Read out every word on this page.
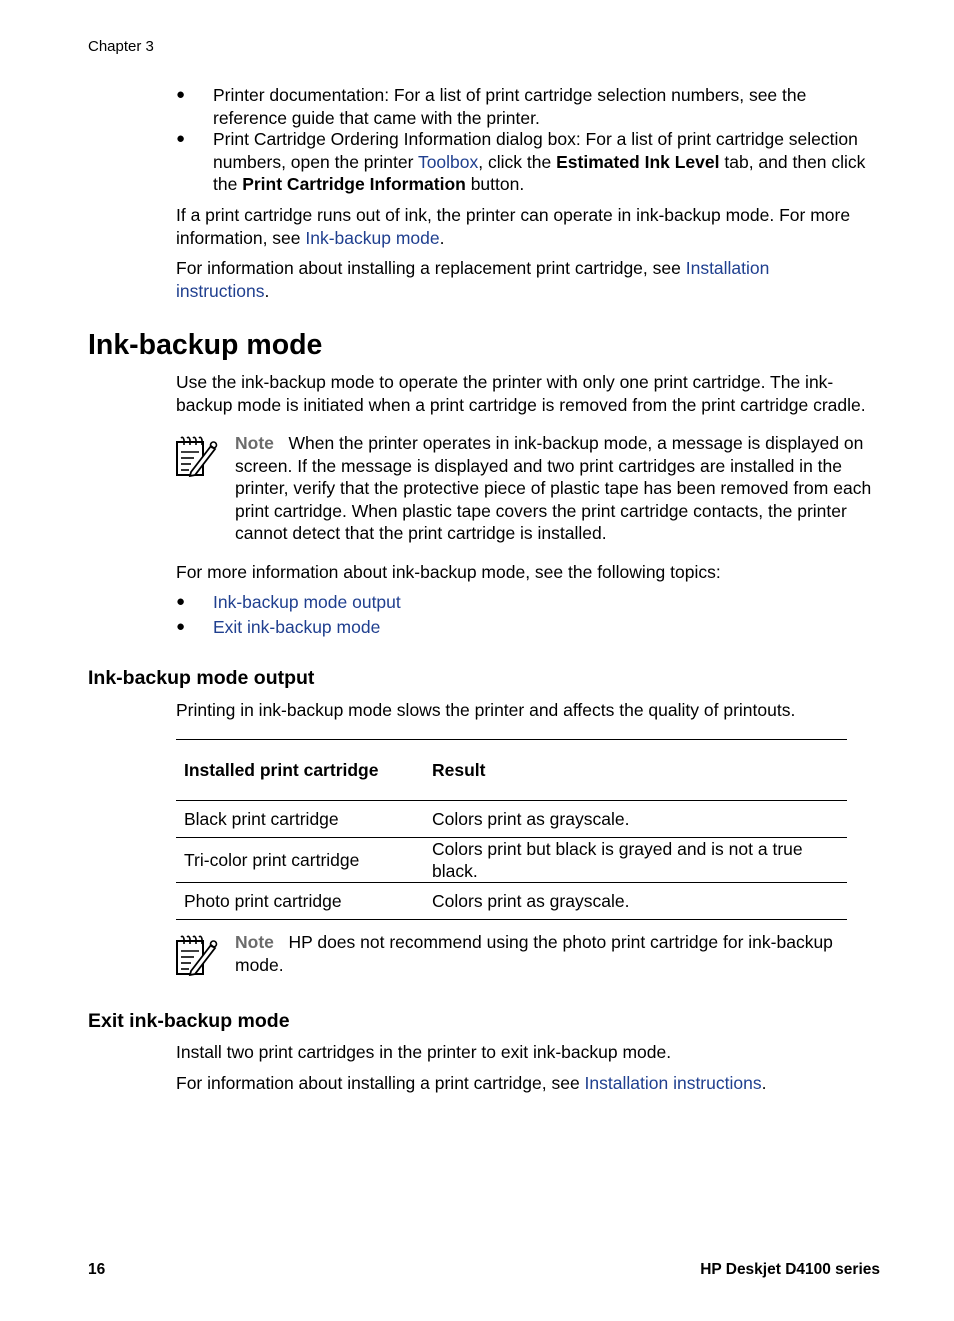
Chapter 3
● Printer documentation: For a list of print cartridge selection numbers, see the reference guide that came with the printer.
● Print Cartridge Ordering Information dialog box: For a list of print cartridge selection numbers, open the printer Toolbox, click the Estimated Ink Level tab, and then click the Print Cartridge Information button.
If a print cartridge runs out of ink, the printer can operate in ink-backup mode. For more information, see Ink-backup mode.
For information about installing a replacement print cartridge, see Installation instructions.
Ink-backup mode
Use the ink-backup mode to operate the printer with only one print cartridge. The ink-backup mode is initiated when a print cartridge is removed from the print cartridge cradle.
Note When the printer operates in ink-backup mode, a message is displayed on screen. If the message is displayed and two print cartridges are installed in the printer, verify that the protective piece of plastic tape has been removed from each print cartridge. When plastic tape covers the print cartridge contacts, the printer cannot detect that the print cartridge is installed.
For more information about ink-backup mode, see the following topics:
● Ink-backup mode output
● Exit ink-backup mode
Ink-backup mode output
Printing in ink-backup mode slows the printer and affects the quality of printouts.
Installed print cartridge	Result
Black print cartridge	Colors print as grayscale.
Tri-color print cartridge	Colors print but black is grayed and is not a true black.
Photo print cartridge	Colors print as grayscale.
Note HP does not recommend using the photo print cartridge for ink-backup mode.
Exit ink-backup mode
Install two print cartridges in the printer to exit ink-backup mode.
For information about installing a print cartridge, see Installation instructions.
16	HP Deskjet D4100 series
